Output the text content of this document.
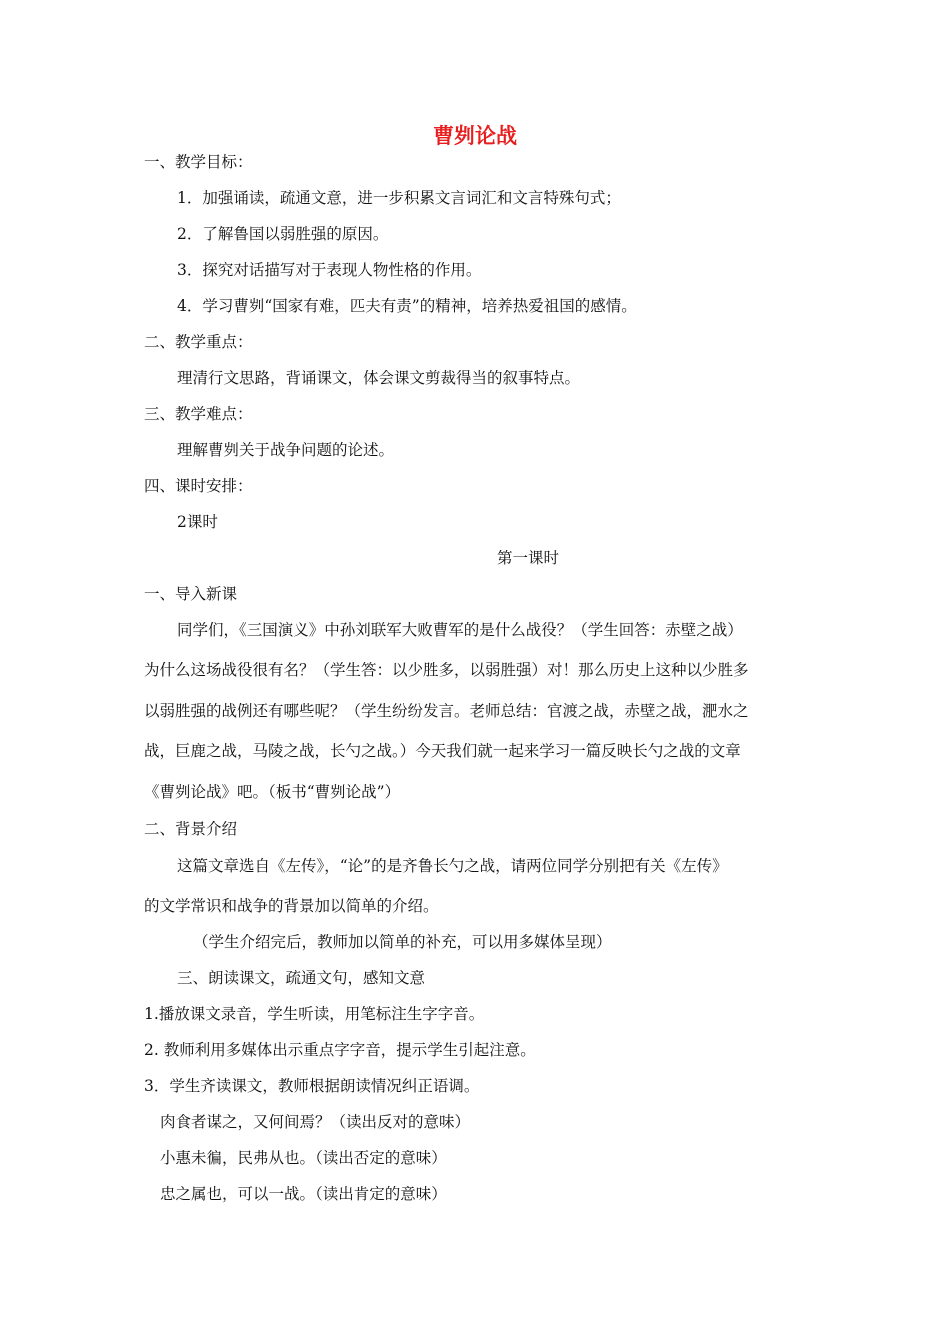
曹刿论战
一、教学目标：
1．加强诵读，疏通文意，进一步积累文言词汇和文言特殊句式；
2．了解鲁国以弱胜强的原因。
3．探究对话描写对于表现人物性格的作用。
4．学习曹刿“国家有难，匹夫有责”的精神，培养热爱祖国的感情。
二、教学重点：
理清行文思路，背诵课文，体会课文剪裁得当的叙事特点。
三、教学难点：
理解曹刿关于战争问题的论述。
四、课时安排：
2课时
第一课时
一、导入新课
同学们，《三国演义》中孙刘联军大败曹军的是什么战役？（学生回答：赤壁之战）
为什么这场战役很有名？（学生答：以少胜多，以弱胜强）对！那么历史上这种以少胜多
以弱胜强的战例还有哪些呢？（学生纷纷发言。老师总结：官渡之战，赤壁之战，淝水之
战，巨鹿之战，马陵之战，长勺之战。）今天我们就一起来学习一篇反映长勺之战的文章
《曹刿论战》吧。（板书“曹刿论战”）
二、背景介绍
这篇文章选自《左传》，“论”的是齐鲁长勺之战，请两位同学分别把有关《左传》
的文学常识和战争的背景加以简单的介绍。
（学生介绍完后，教师加以简单的补充，可以用多媒体呈现）
三、朗读课文，疏通文句，感知文意
1.播放课文录音，学生听读，用笔标注生字字音。
2. 教师利用多媒体出示重点字字音，提示学生引起注意。
3．学生齐读课文，教师根据朗读情况纠正语调。
肉食者谋之，又何间焉？（读出反对的意味）
小惠未徧，民弗从也。（读出否定的意味）
忠之属也，可以一战。（读出肯定的意味）
